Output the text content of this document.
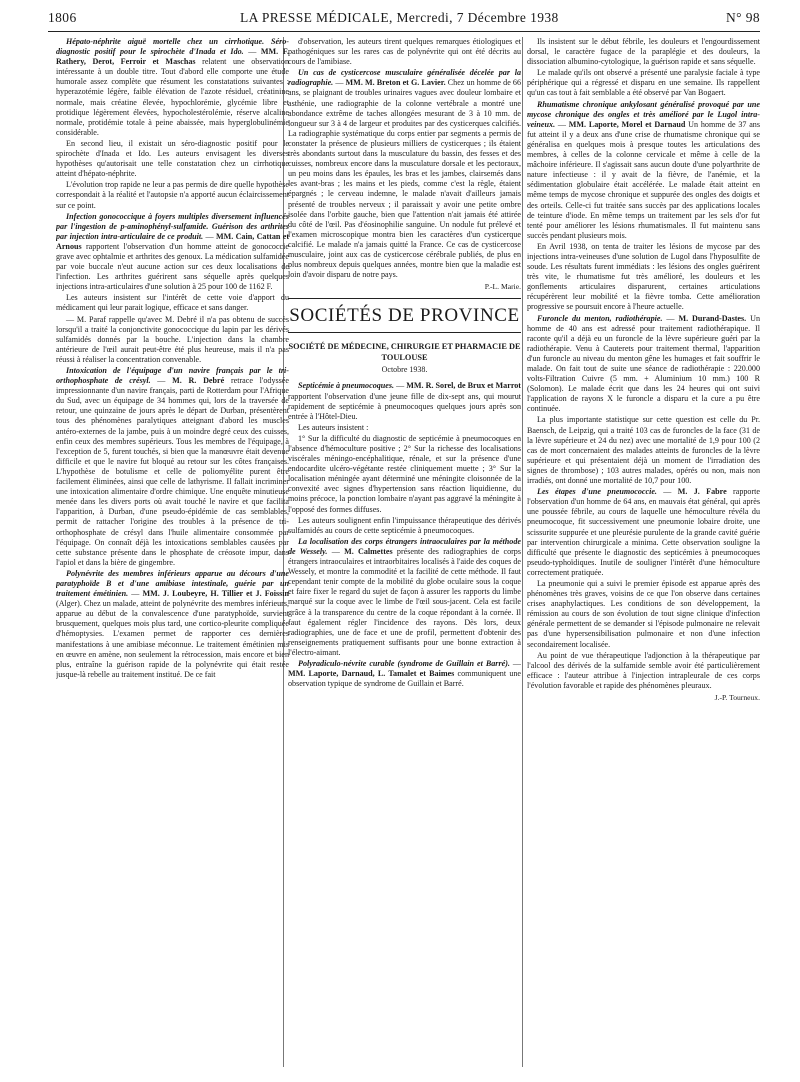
1806	LA PRESSE MÉDICALE, Mercredi, 7 Décembre 1938	N° 98

Hépato-néphrite aiguë mortelle chez un cirrhotique. Séro-diagnostic positif pour le spirochète d'Inada et Ido. — MM. F. Rathery, Derot, Ferroir et Maschas relatent une observation intéressante à un double titre. Tout d'abord elle comporte une étude humorale assez complète que résument les constatations suivantes : hyperazotémie légère, faible élévation de l'azote résiduel, créatinine normale, mais créatine élevée, hypochlorémie, glycémie libre et protidique légèrement élevées, hypocholestérolémie, réserve alcaline normale, protidémie totale à peine abaissée, mais hyperglobulinémie considérable.

En second lieu, il existait un séro-diagnostic positif pour le spirochète d'Inada et Ido. Les auteurs envisagent les diverses hypothèses qu'autorisait une telle constatation chez un cirrhotique atteint d'hépato-néphrite.

L'évolution trop rapide ne leur a pas permis de dire quelle hypothèse correspondait à la réalité et l'autopsie n'a apporté aucun éclaircissement sur ce point.

Infection gonococcique à foyers multiples diversement influencés par l'ingestion de p-aminophényl-sulfamide. Guérison des arthrites par injection intra-articulaire de ce produit. — MM. Cain, Cattan et Arnous rapportent l'observation d'un homme atteint de gonococcie grave avec ophtalmie et arthrites des genoux. La médication sulfamidée par voie buccale n'eut aucune action sur ces deux localisations de l'infection. Les arthrites guérirent sans séquelle après quelques injections intra-articulaires d'une solution à 25 pour 100 de 1162 F.

Les auteurs insistent sur l'intérêt de cette voie d'apport du médicament qui leur parait logique, efficace et sans danger.

— M. Paraf rappelle qu'avec M. Debré il n'a pas obtenu de succès lorsqu'il a traité la conjonctivite gonococcique du lapin par les dérivés sulfamidés donnés par la bouche. L'injection dans la chambre antérieure de l'œil aurait peut-être été plus heureuse, mais il n'a pas réussi à réaliser la concentration convenable.

Intoxication de l'équipage d'un navire français par le tri-orthophosphate de crésyl. — M. R. Debré retrace l'odyssée impressionnante d'un navire français, parti de Rotterdam pour l'Afrique du Sud, avec un équipage de 34 hommes qui, lors de la traversée de retour, une quinzaine de jours après le départ de Durban, présentèrent tous des phénomènes paralytiques atteignant d'abord les muscles antéro-externes de la jambe, puis à un moindre degré ceux des cuisses, enfin ceux des membres supérieurs. Tous les membres de l'équipage, à l'exception de 5, furent touchés, si bien que la manœuvre était devenue difficile et que le navire fut bloqué au retour sur les côtes françaises. L'hypothèse de botulisme et celle de poliomyélite purent être facilement éliminées, ainsi que celle de lathyrisme. Il fallait incriminer une intoxication alimentaire d'ordre chimique. Une enquête minutieuse menée dans les divers ports où avait touché le navire et que facilita l'apparition, à Durban, d'une pseudo-épidémie de cas semblables, permit de rattacher l'origine des troubles à la présence de tri-orthophosphate de crésyl dans l'huile alimentaire consommée par l'équipage. On connaît déjà les intoxications semblables causées par cette substance présente dans le phosphate de créosote impur, dans l'apiol et dans la bière de gingembre.

Polynévrite des membres inférieurs apparue au décours d'une paratyphoïde B et d'une amibiase intestinale, guérie par un traitement émétinien. — MM. J. Loubeyre, H. Tillier et J. Foissin (Alger). Chez un malade, atteint de polynévrite des membres inférieurs, apparue au début de la convalescence d'une paratyphoïde, survient brusquement, quelques mois plus tard, une cortico-pleurite compliquée d'hémoptysies. L'examen permet de rapporter ces dernières manifestations à une amibiase méconnue. Le traitement émétinien mis en œuvre en amène, non seulement la rétrocession, mais encore et bien plus, entraîne la guérison rapide de la polynévrite qui était restée jusque-là rebelle au traitement institué. De ce fait

d'observation, les auteurs tirent quelques remarques étiologiques et pathogéniques sur les rares cas de polynévrite qui ont été décrits au cours de l'amibiase.

Un cas de cysticercose musculaire généralisée décelée par la radiographie. — MM. M. Breton et G. Lavier. Chez un homme de 66 ans, se plaignant de troubles urinaires vagues avec douleur lombaire et asthénie, une radiographie de la colonne vertébrale a montré une abondance extrême de taches allongées mesurant de 3 à 10 mm. de longueur sur 3 à 4 de largeur et produites par des cysticerques calcifiés. La radiographie systématique du corps entier par segments a permis de constater la présence de plusieurs milliers de cysticerques ; ils étaient très abondants surtout dans la musculature du bassin, des fesses et des cuisses, nombreux encore dans la musculature dorsale et les pectoraux, un peu moins dans les épaules, les bras et les jambes, clairsemés dans les avant-bras ; les mains et les pieds, comme c'est la règle, étaient épargnés ; le cerveau indemne, le malade n'avait d'ailleurs jamais présenté de troubles nerveux ; il paraissait y avoir une petite ombre isolée dans l'orbite gauche, bien que l'attention n'ait jamais été attirée du côté de l'œil. Pas d'éosinophilie sanguine. Un nodule fut prélevé et l'examen microscopique montra bien les caractères d'un cysticerque calcifié. Le malade n'a jamais quitté la France. Ce cas de cysticercose musculaire, joint aux cas de cysticercose cérébrale publiés, de plus en plus nombreux depuis quelques années, montre bien que la maladie est loin d'avoir disparu de notre pays.

P.-L. Marie.
SOCIÉTÉS DE PROVINCE
SOCIÉTÉ DE MÉDECINE, CHIRURGIE ET PHARMACIE DE TOULOUSE
Octobre 1938.

Septicémie à pneumocoques. — MM. R. Sorel, de Brux et Marrot rapportent l'observation d'une jeune fille de dix-sept ans, qui mourut rapidement de septicémie à pneumocoques quelques jours après son entrée à l'Hôtel-Dieu.

Les auteurs insistent :

1° Sur la difficulté du diagnostic de septicémie à pneumocoques en l'absence d'hémoculture positive ; 2° Sur la richesse des localisations viscérales méningo-encéphalitique, rénale, et sur la présence d'une endocardite ulcéro-végétante restée cliniquement muette ; 3° Sur la localisation méningée ayant déterminé une méningite cloisonnée de la convexité avec signes d'hypertension sans réaction liquidienne, du moins précoce, la ponction lombaire n'ayant pas aggravé la méningite à l'opposé des formes diffuses.

Les auteurs soulignent enfin l'impuissance thérapeutique des dérivés sulfamidés au cours de cette septicémie à pneumocoques.

La localisation des corps étrangers intraoculaires par la méthode de Wessely. — M. Calmettes présente des radiographies de corps étrangers intraoculaires et intraorbitaires localisés à l'aide des coques de Wessely, et montre la commodité et la facilité de cette méthode. Il faut cependant tenir compte de la mobilité du globe oculaire sous la coque et faire fixer le regard du sujet de façon à assurer les rapports du limbe marqué sur la coque avec le limbe de l'œil sous-jacent. Cela est facile grâce à la transparence du centre de la coque répondant à la cornée. Il faut également régler l'incidence des rayons. Dès lors, deux radiographies, une de face et une de profil, permettent d'obtenir des renseignements pratiquement suffisants pour une bonne extraction à l'électro-aimant.

Polyradiculo-névrite curable (syndrome de Guillain et Barré). — MM. Laporte, Darnaud, L. Tamalet et Baimes communiquent une observation typique de syndrome de Guillain et Barré.

Ils insistent sur le début fébrile, les douleurs et l'engourdissement dorsal, le caractère fugace de la paraplégie et des douleurs, la dissociation albumino-cytologique, la guérison rapide et sans séquelle.

Le malade qu'ils ont observé a présenté une paralysie faciale à type périphérique qui a régressé et disparu en une semaine. Ils rappellent qu'un cas tout à fait semblable a été observé par Van Bogaert.

Rhumatisme chronique ankylosant généralisé provoqué par une mycose chronique des ongles et très amélioré par le Lugol intra-veineux. — MM. Laporte, Morel et Darnaud Un homme de 37 ans fut atteint il y a deux ans d'une crise de rhumatisme chronique qui se généralisa en quelques mois à presque toutes les articulations des membres, à celles de la colonne cervicale et même à celle de la mâchoire inférieure. Il s'agissait sans aucun doute d'une polyarthrite de nature infectieuse : il y avait de la fièvre, de l'anémie, et la sédimentation globulaire était accélérée. Le malade était atteint en même temps de mycose chronique et suppurée des ongles des doigts et des orteils. Celle-ci fut traitée sans succès par des applications locales de teinture d'iode. En même temps un traitement par les sels d'or fut tenté pour améliorer les lésions rhumatismales. Il fut maintenu sans succès pendant plusieurs mois.

En Avril 1938, on tenta de traiter les lésions de mycose par des injections intra-veineuses d'une solution de Lugol dans l'hyposulfite de soude. Les résultats furent immédiats : les lésions des ongles guérirent très vite, le rhumatisme fut très amélioré, les douleurs et les gonflements articulaires disparurent, certaines articulations récupérèrent leur mobilité et la fièvre tomba. Cette amélioration progressive se poursuit encore à l'heure actuelle.

Furoncle du menton, radiothérapie. — M. Durand-Dastes. Un homme de 40 ans est adressé pour traitement radiothérapique. Il raconte qu'il a déjà eu un furoncle de la lèvre supérieure guéri par la radiothérapie. Venu à Cauterets pour traitement thermal, l'apparition d'un furoncle au niveau du menton gêne les humages et fait souffrir le malade. On fait tout de suite une séance de radiothérapie : 220.000 volts-Filtration Cuivre (5 mm. + Aluminium 10 mm.) 100 R (Solomon). Le malade écrit que dans les 24 heures qui ont suivi l'application de rayons X le furoncle a disparu et la cure a pu être continuée.

La plus importante statistique sur cette question est celle du Pr. Baensch, de Leipzig, qui a traité 103 cas de furoncles de la face (31 de la lèvre supérieure et 24 du nez) avec une mortalité de 1,9 pour 100 (2 cas de mort concernaient des malades atteints de furoncles de la lèvre supérieure et qui présentaient déjà un moment de l'irradiation des signes de thrombose) ; 103 autres malades, opérés ou non, mais non irradiés, ont donné une mortalité de 10,7 pour 100.

Les étapes d'une pneumococcie. — M. J. Fabre rapporte l'observation d'un homme de 64 ans, en mauvais état général, qui après une poussée fébrile, au cours de laquelle une hémoculture révéla du pneumocoque, fit successivement une pneumonie lobaire droite, une scissurite suppurée et une pleurésie purulente de la grande cavité guérie par intervention chirurgicale a minima. Cette observation souligne la difficulté que présente le diagnostic des septicémies à pneumocoques pseudo-typhoïdiques. Inutile de souligner l'intérêt d'une hémoculture correctement pratiquée.

La pneumonie qui a suivi le premier épisode est apparue après des phénomènes très graves, voisins de ce que l'on observe dans certaines crises anaphylactiques. Les conditions de son développement, la rémission au cours de son évolution de tout signe clinique d'infection générale permettent de se demander si l'épisode pulmonaire ne relevait pas d'une hypersensibilisation pulmonaire et non d'une infection secondairement localisée.

Au point de vue thérapeutique l'adjonction à la thérapeutique par l'alcool des dérivés de la sulfamide semble avoir été particulièrement efficace : l'auteur attribue à l'injection intrapleurale de ces corps l'évolution favorable et rapide des phénomènes pleuraux.

J.-P. Tourneux.
